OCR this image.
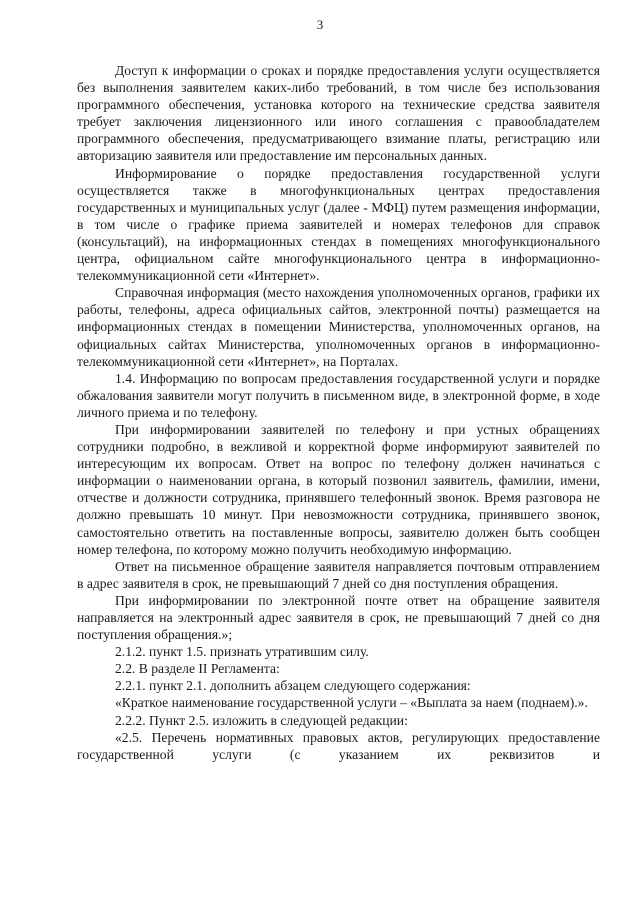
3

Доступ к информации о сроках и порядке предоставления услуги осуществляется без выполнения заявителем каких-либо требований, в том числе без использования программного обеспечения, установка которого на технические средства заявителя требует заключения лицензионного или иного соглашения с правообладателем программного обеспечения, предусматривающего взимание платы, регистрацию или авторизацию заявителя или предоставление им персональных данных.

Информирование о порядке предоставления государственной услуги осуществляется также в многофункциональных центрах предоставления государственных и муниципальных услуг (далее - МФЦ) путем размещения информации, в том числе о графике приема заявителей и номерах телефонов для справок (консультаций), на информационных стендах в помещениях многофункционального центра, официальном сайте многофункционального центра в информационно-телекоммуникационной сети «Интернет».

Справочная информация (место нахождения уполномоченных органов, графики их работы, телефоны, адреса официальных сайтов, электронной почты) размещается на информационных стендах в помещении Министерства, уполномоченных органов, на официальных сайтах Министерства, уполномоченных органов в информационно-телекоммуникационной сети «Интернет», на Порталах.

1.4. Информацию по вопросам предоставления государственной услуги и порядке обжалования заявители могут получить в письменном виде, в электронной форме, в ходе личного приема и по телефону.

При информировании заявителей по телефону и при устных обращениях сотрудники подробно, в вежливой и корректной форме информируют заявителей по интересующим их вопросам. Ответ на вопрос по телефону должен начинаться с информации о наименовании органа, в который позвонил заявитель, фамилии, имени, отчестве и должности сотрудника, принявшего телефонный звонок. Время разговора не должно превышать 10 минут. При невозможности сотрудника, принявшего звонок, самостоятельно ответить на поставленные вопросы, заявителю должен быть сообщен номер телефона, по которому можно получить необходимую информацию.

Ответ на письменное обращение заявителя направляется почтовым отправлением в адрес заявителя в срок, не превышающий 7 дней со дня поступления обращения.

При информировании по электронной почте ответ на обращение заявителя направляется на электронный адрес заявителя в срок, не превышающий 7 дней со дня поступления обращения.»;

2.1.2. пункт 1.5. признать утратившим силу.

2.2. В разделе II Регламента:

2.2.1. пункт 2.1. дополнить абзацем следующего содержания:

«Краткое наименование государственной услуги – «Выплата за наем (поднаем).».

2.2.2. Пункт 2.5. изложить в следующей редакции:

«2.5. Перечень нормативных правовых актов, регулирующих предоставление государственной услуги (с указанием их реквизитов и
